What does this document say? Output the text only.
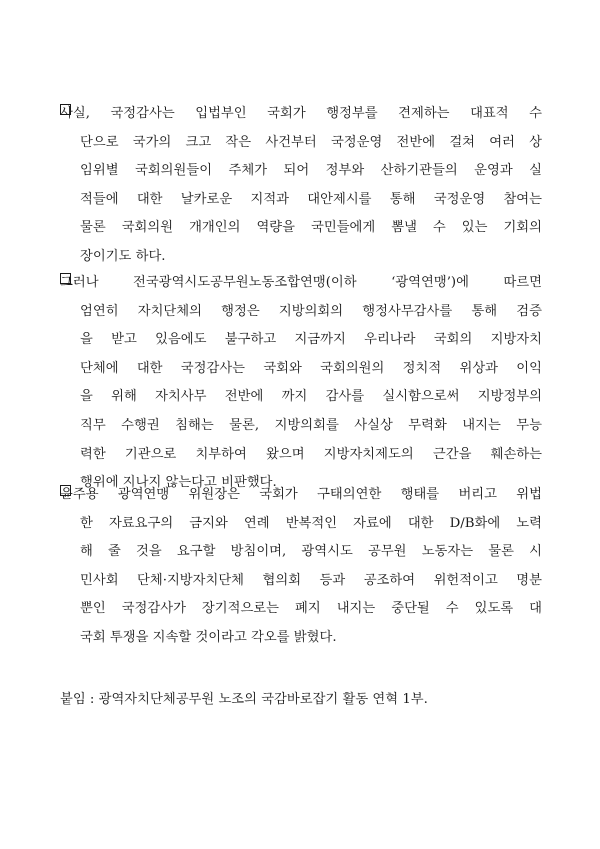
사실, 국정감사는 입법부인 국회가 행정부를 견제하는 대표적 수
단으로 국가의 크고 작은 사건부터 국정운영 전반에 걸쳐 여러 상
임위별 국회의원들이 주체가 되어 정부와 산하기관들의 운영과 실
적들에 대한 날카로운 지적과 대안제시를 통해 국정운영 참여는
물론 국회의원 개개인의 역량을 국민들에게 뽐낼 수 있는 기회의
장이기도 하다.
그러나 전국광역시도공무원노동조합연맹(이하 ‘광역연맹’)에 따르면
엄연히 자치단체의 행정은 지방의회의 행정사무감사를 통해 검증
을 받고 있음에도 불구하고 지금까지 우리나라 국회의 지방자치
단체에 대한 국정감사는 국회와 국회의원의 정치적 위상과 이익
을 위해 자치사무 전반에 까지 감사를 실시함으로써 지방정부의
직무 수행권 침해는 물론, 지방의회를 사실상 무력화 내지는 무능
력한 기관으로 치부하여 왔으며 지방자치제도의 근간을 훼손하는
행위에 지나지 않는다고 비판했다.
윤주용 광역연맹 위원장은 국회가 구태의연한 행태를 버리고 위법
한 자료요구의 금지와 연례 반복적인 자료에 대한 D/B화에 노력
해 줄 것을 요구할 방침이며, 광역시도 공무원 노동자는 물론 시
민사회 단체·지방자치단체 협의회 등과 공조하여 위헌적이고 명분
뿐인 국정감사가 장기적으로는 폐지 내지는 중단될 수 있도록 대
국회 투쟁을 지속할 것이라고 각오를 밝혔다.
붙임 : 광역자치단체공무원 노조의 국감바로잡기 활동 연혁 1부.
